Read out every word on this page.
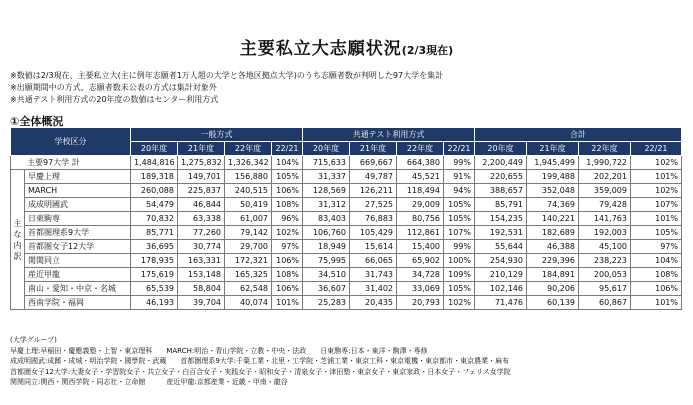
主要私立大志願状況(2/3現在)
※数値は2/3現在、主要私立大(主に例年志願者1万人超の大学と各地区拠点大学)のうち志願者数が判明した97大学を集計
※出願期間中の方式、志願者数未公表の方式は集計対象外
※共通テスト利用方式の20年度の数値はセンター利用方式
①全体概況
学校区分		一般方式				共通テスト利用方式				合計			
		20年度	21年度	22年度	22/21	20年度	21年度	22年度	22/21	20年度	21年度	22年度	22/21
主要97大学 計		1,484,816	1,275,832	1,326,342	104%	715,633	669,667	664,380	99%	2,200,449	1,945,499	1,990,722	102%

主
な
内
訳	早慶上理	189,318	149,701	156,880	105%	31,337	49,787	45,521	91%	220,655	199,488	202,201	101%
	MARCH	260,088	225,837	240,515	106%	128,569	126,211	118,494	94%	388,657	352,048	359,009	102%
	成成明國武	54,479	46,844	50,419	108%	31,312	27,525	29,009	105%	85,791	74,369	79,428	107%
	日東駒専	70,832	63,338	61,007	96%	83,403	76,883	80,756	105%	154,235	140,221	141,763	101%
	首都圏理系9大学	85,771	77,260	79,142	102%	106,760	105,429	112,861	107%	192,531	182,689	192,003	105%
	首都圏女子12大学	36,695	30,774	29,700	97%	18,949	15,614	15,400	99%	55,644	46,388	45,100	97%
	関関同立	178,935	163,331	172,321	106%	75,995	66,065	65,902	100%	254,930	229,396	238,223	104%
	産近甲龍	175,619	153,148	165,325	108%	34,510	31,743	34,728	109%	210,129	184,891	200,053	108%
	南山・愛知・中京・名城	65,539	58,804	62,548	106%	36,607	31,402	33,069	105%	102,146	90,206	95,617	106%
	西南学院・福岡	46,193	39,704	40,074	101%	25,283	20,435	20,793	102%	71,476	60,139	60,867	101%
(大学グループ)
早慶上理:早稲田・慶應義塾・上智・東京理科　　MARCH:明治・青山学院・立教・中央・法政　　日東駒専:日本・東洋・駒澤・専修
成成明國武:成蹊・成城・明治学院・國學院・武蔵　　首都圏理系9大学:千葉工業・北里・工学院・芝浦工業・東京工科・東京電機・東京都市・東京農業・麻布
首都圏女子12大学:大妻女子・学習院女子・共立女子・白百合女子・実践女子・昭和女子・清泉女子・津田塾・東京女子・東京家政・日本女子・フェリス女学院
関関同立:関西・関西学院・同志社・立命館　　　産近甲龍:京都産業・近畿・甲南・龍谷
